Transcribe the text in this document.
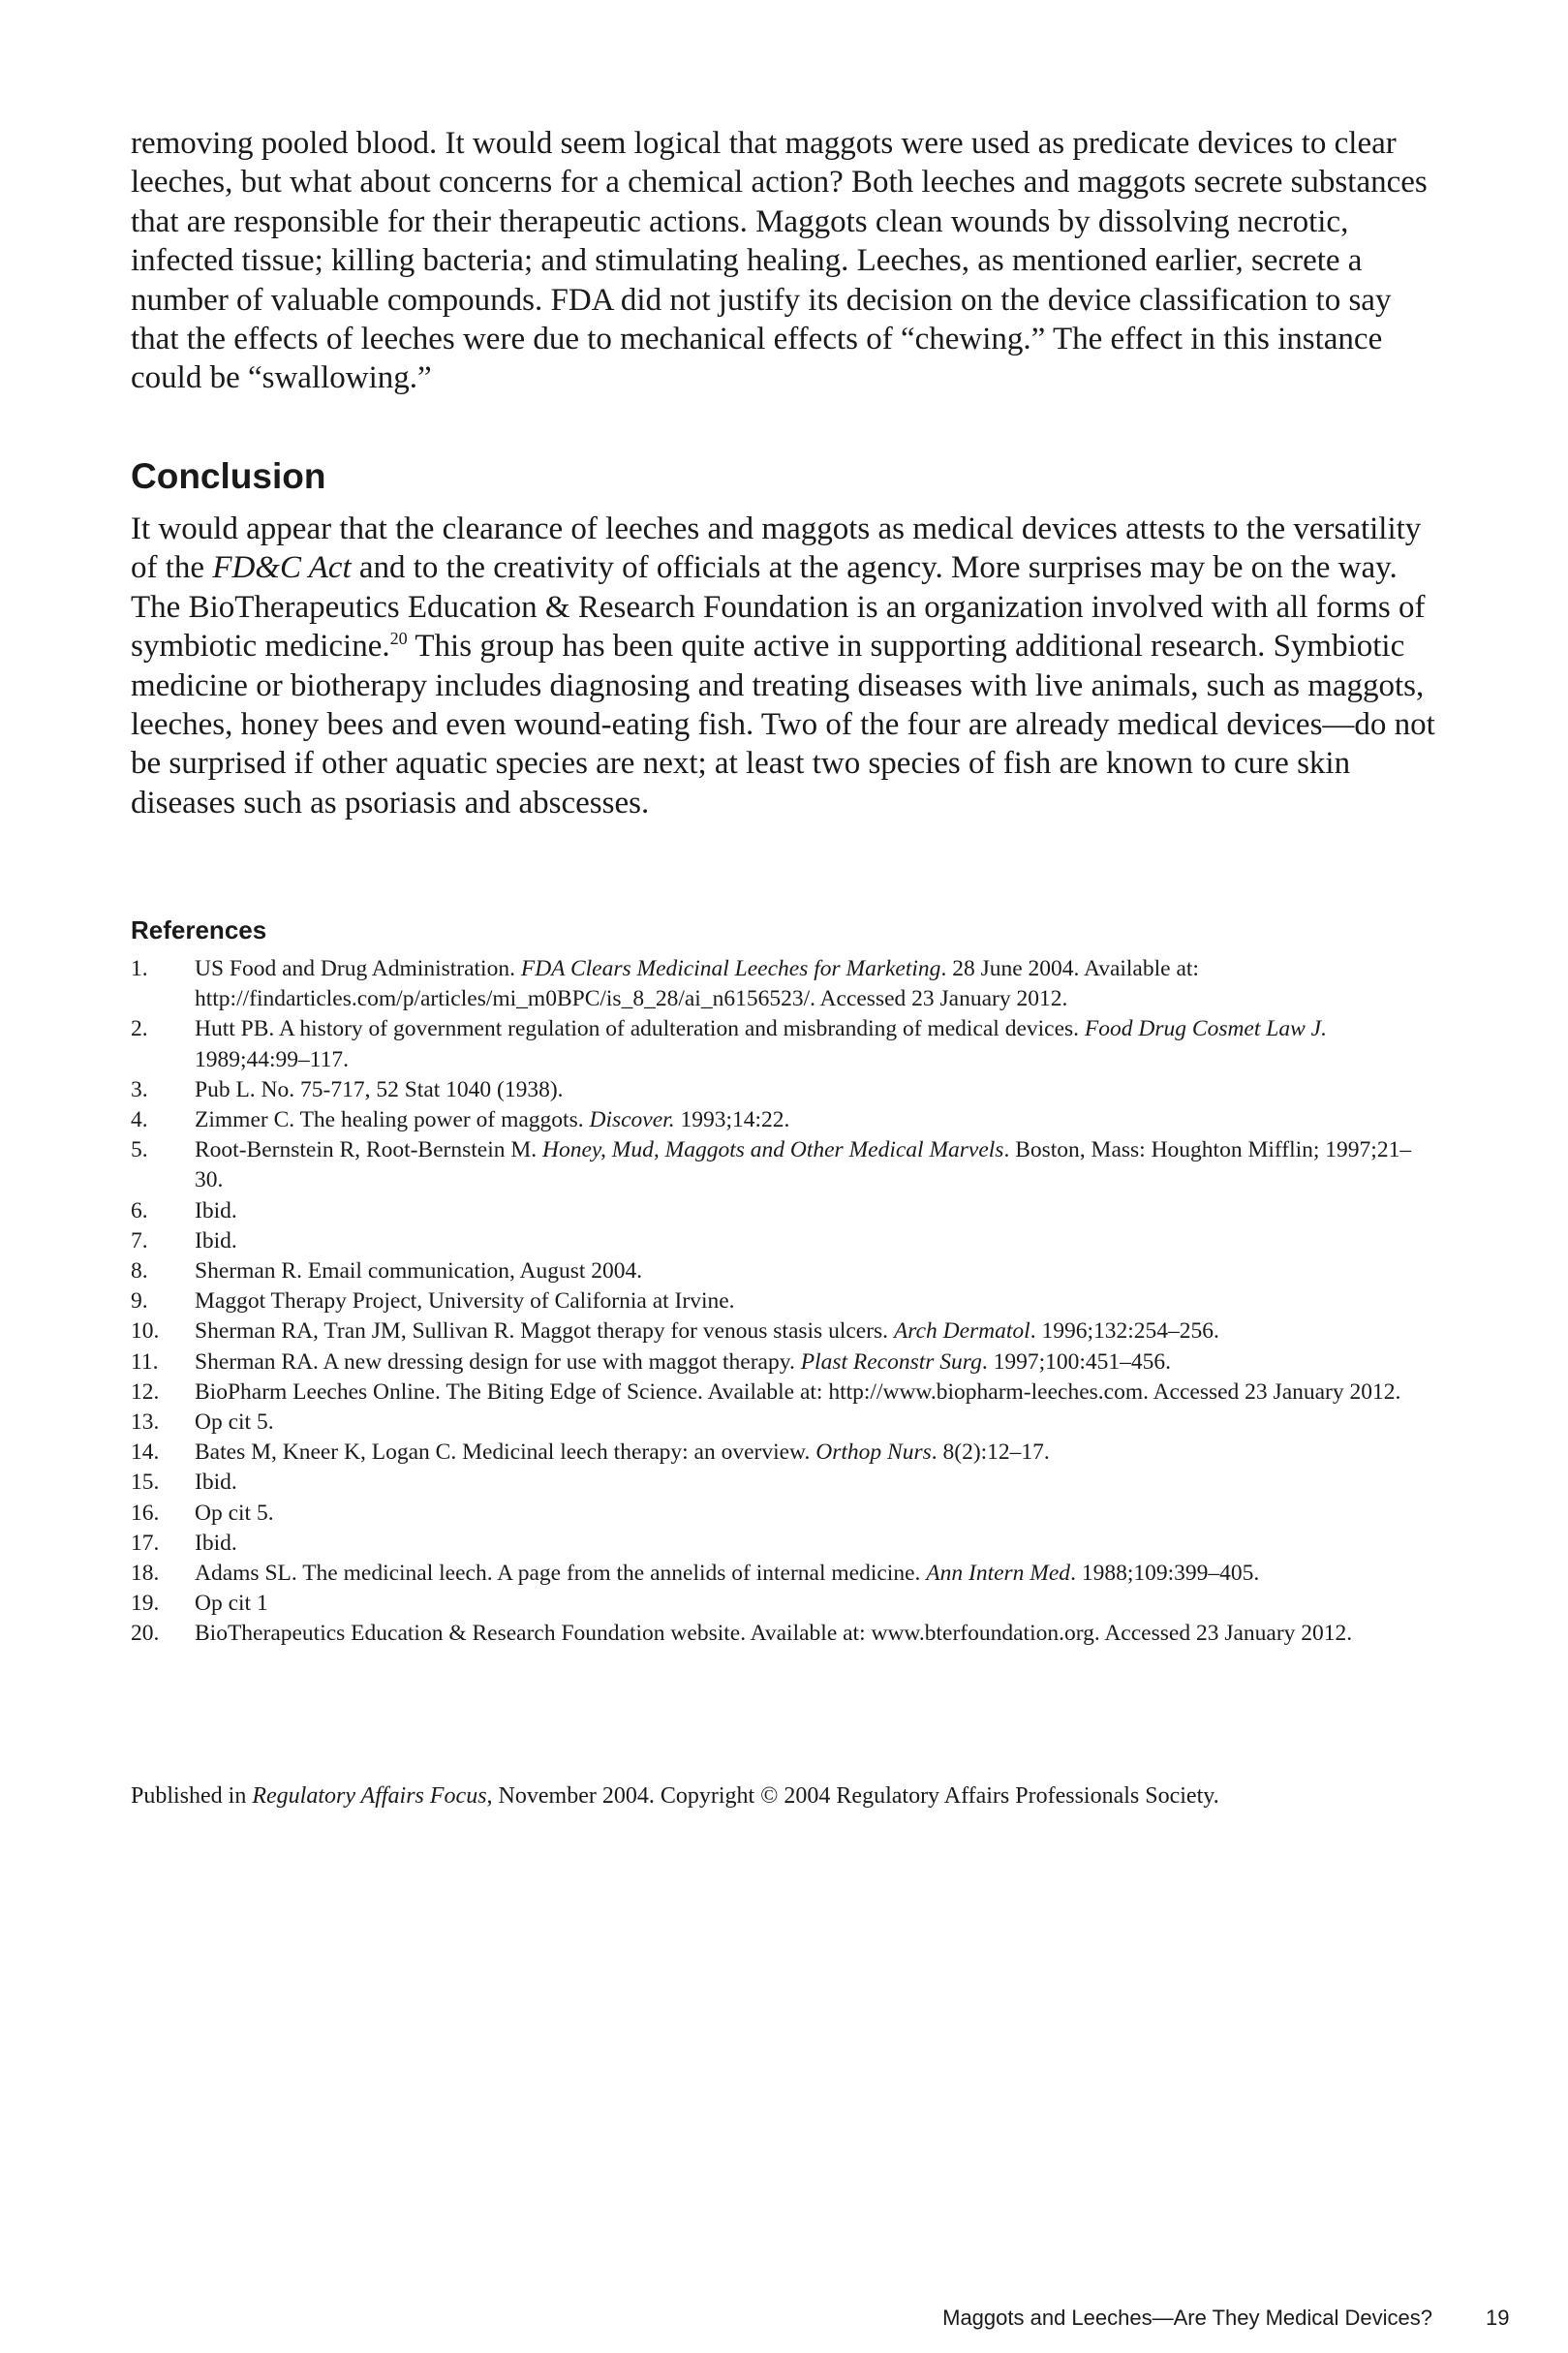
removing pooled blood. It would seem logical that maggots were used as predicate devices to clear leeches, but what about concerns for a chemical action? Both leeches and maggots secrete substances that are responsible for their therapeutic actions. Maggots clean wounds by dissolving necrotic, infected tissue; killing bacteria; and stimulating healing. Leeches, as mentioned earlier, secrete a number of valuable compounds. FDA did not justify its decision on the device classification to say that the effects of leeches were due to mechanical effects of “chewing.” The effect in this instance could be “swallowing.”

Conclusion

It would appear that the clearance of leeches and maggots as medical devices attests to the versatility of the FD&C Act and to the creativity of officials at the agency. More surprises may be on the way. The BioTherapeutics Education & Research Foundation is an organization involved with all forms of symbiotic medicine.$^{20}$ This group has been quite active in supporting additional research. Symbiotic medicine or biotherapy includes diagnosing and treating diseases with live animals, such as maggots, leeches, honey bees and even wound-eating fish. Two of the four are already medical devices—do not be surprised if other aquatic species are next; at least two species of fish are known to cure skin diseases such as psoriasis and abscesses.

References
1. US Food and Drug Administration. FDA Clears Medicinal Leeches for Marketing. 28 June 2004. Available at: http://findarticles.com/p/articles/mi_m0BPC/is_8_28/ai_n6156523/. Accessed 23 January 2012.
2. Hutt PB. A history of government regulation of adulteration and misbranding of medical devices. Food Drug Cosmet Law J. 1989;44:99–117.
3. Pub L. No. 75-717, 52 Stat 1040 (1938).
4. Zimmer C. The healing power of maggots. Discover. 1993;14:22.
5. Root-Bernstein R, Root-Bernstein M. Honey, Mud, Maggots and Other Medical Marvels. Boston, Mass: Houghton Mifflin; 1997;21–30.
6. Ibid.
7. Ibid.
8. Sherman R. Email communication, August 2004.
9. Maggot Therapy Project, University of California at Irvine.
10. Sherman RA, Tran JM, Sullivan R. Maggot therapy for venous stasis ulcers. Arch Dermatol. 1996;132:254–256.
11. Sherman RA. A new dressing design for use with maggot therapy. Plast Reconstr Surg. 1997;100:451–456.
12. BioPharm Leeches Online. The Biting Edge of Science. Available at: http://www.biopharm-leeches.com. Accessed 23 January 2012.
13. Op cit 5.
14. Bates M, Kneer K, Logan C. Medicinal leech therapy: an overview. Orthop Nurs. 8(2):12–17.
15. Ibid.
16. Op cit 5.
17. Ibid.
18. Adams SL. The medicinal leech. A page from the annelids of internal medicine. Ann Intern Med. 1988;109:399–405.
19. Op cit 1
20. BioTherapeutics Education & Research Foundation website. Available at: www.bterfoundation.org. Accessed 23 January 2012.

Published in Regulatory Affairs Focus, November 2004. Copyright © 2004 Regulatory Affairs Professionals Society.

Maggots and Leeches—Are They Medical Devices?	19
